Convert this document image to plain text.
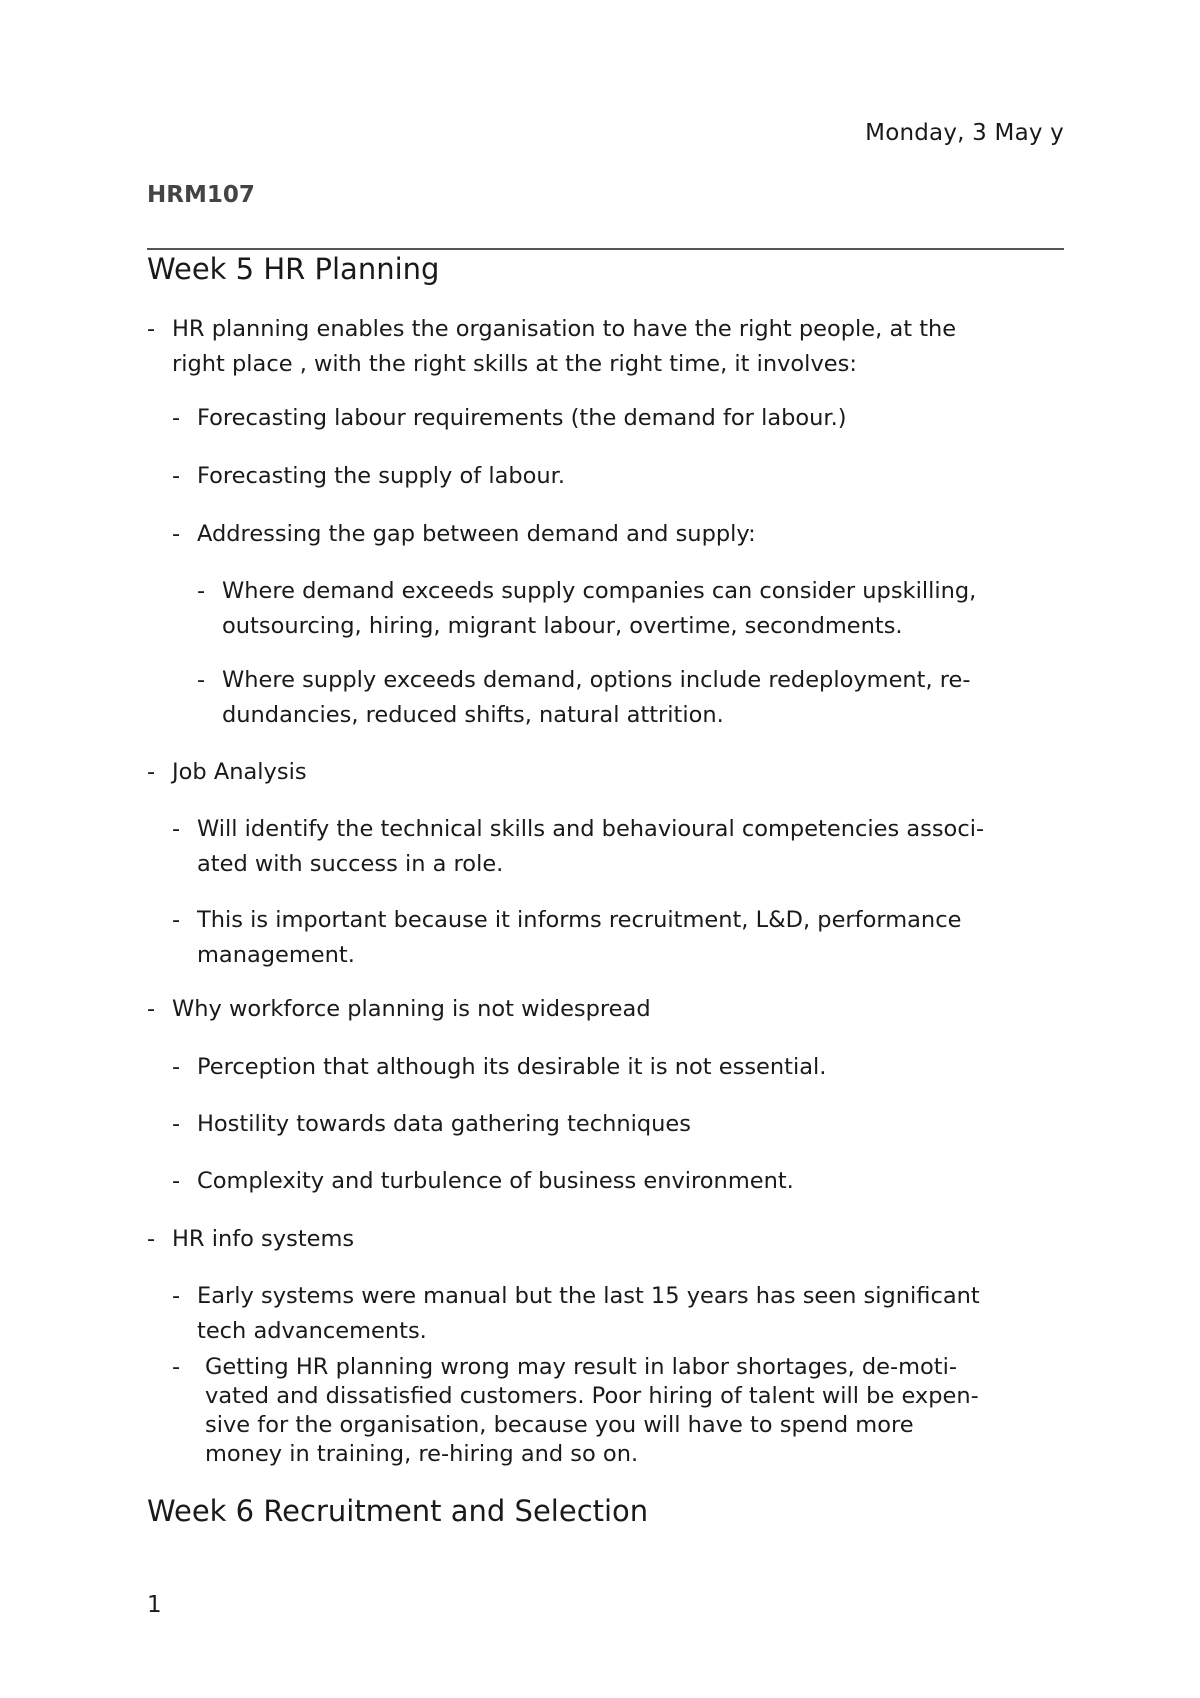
Monday, 3 May y
HRM107
Week 5 HR Planning
- HR planning enables the organisation to have the right people, at the
right place , with the right skills at the right time, it involves:
- Forecasting labour requirements (the demand for labour.)
- Forecasting the supply of labour.
- Addressing the gap between demand and supply:
- Where demand exceeds supply companies can consider upskilling,
outsourcing, hiring, migrant labour, overtime, secondments.
- Where supply exceeds demand, options include redeployment, re-
dundancies, reduced shifts, natural attrition.
- Job Analysis
- Will identify the technical skills and behavioural competencies associ-
ated with success in a role.
- This is important because it informs recruitment, L&D, performance
management.
- Why workforce planning is not widespread
- Perception that although its desirable it is not essential.
- Hostility towards data gathering techniques
- Complexity and turbulence of business environment.
- HR info systems
- Early systems were manual but the last 15 years has seen significant
tech advancements.
- Getting HR planning wrong may result in labor shortages, de-moti-
vated and dissatisfied customers. Poor hiring of talent will be expen-
sive for the organisation, because you will have to spend more
money in training, re-hiring and so on.
Week 6 Recruitment and Selection
1
